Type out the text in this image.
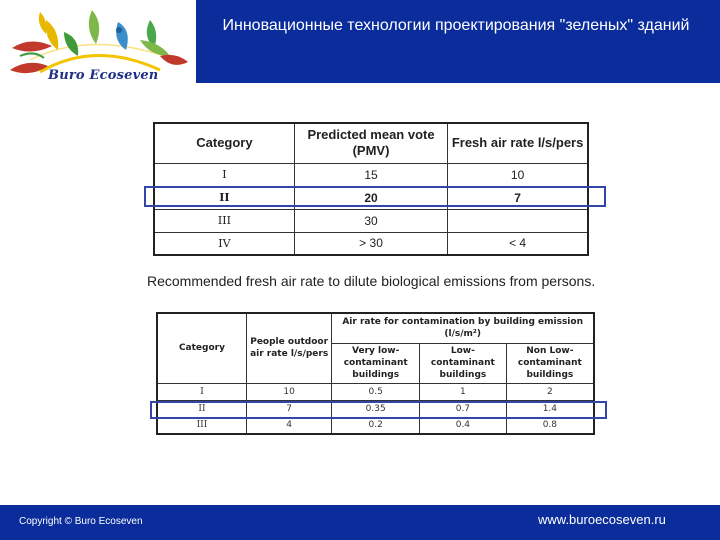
Buro Ecoseven
Инновационные технологии проектирования "зеленых" зданий
Category	Predicted mean vote (PMV)	Fresh air rate l/s/pers
I	15	10
II	20	7
III	30	
IV	> 30	< 4
Recommended fresh air rate to dilute biological emissions from persons.
Category	People outdoor air rate l/s/pers	Air rate for contamination by building emission (l/s/m²)		
		Very low-contaminant buildings	Low-contaminant buildings	Non Low-contaminant buildings
I	10	0.5	1	2
II	7	0.35	0.7	1.4
III	4	0.2	0.4	0.8
Copyright © Buro Ecoseven	www.buroecoseven.ru
